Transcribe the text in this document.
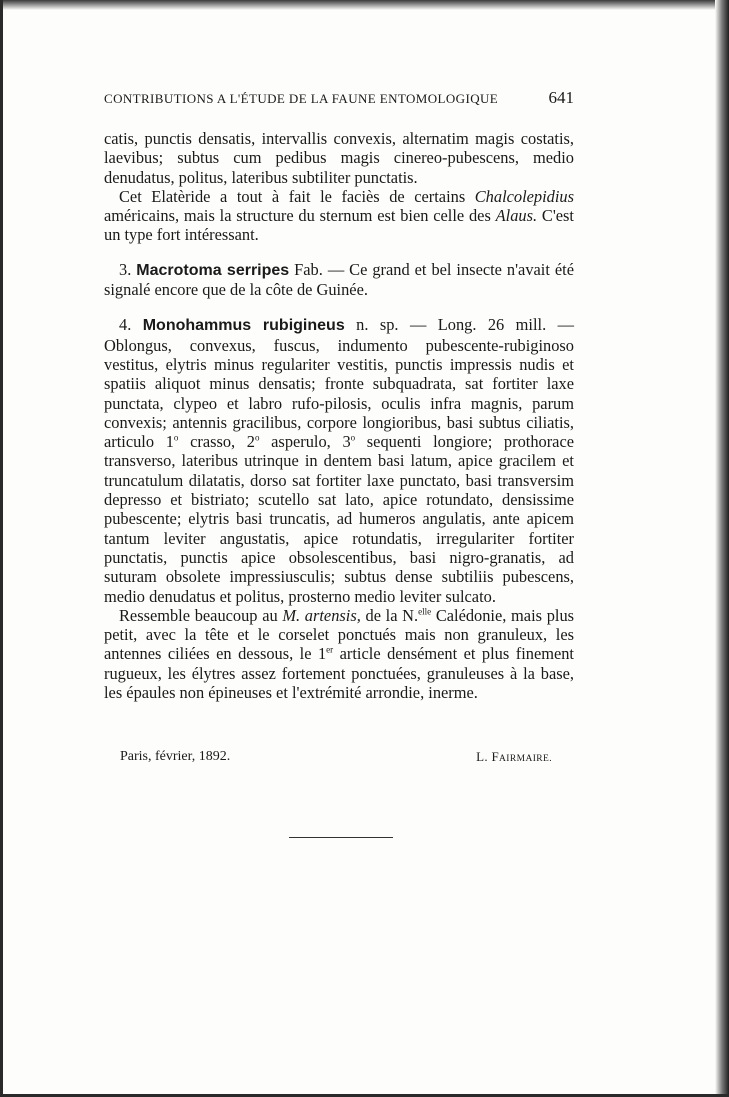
CONTRIBUTIONS A L'ÉTUDE DE LA FAUNE ENTOMOLOGIQUE	641

catis, punctis densatis, intervallis convexis, alternatim magis costatis, laevibus; subtus cum pedibus magis cinereo-pubescens, medio denudatus, politus, lateribus subtiliter punctatis.

Cet Elatèride a tout à fait le faciès de certains Chalcolepidius américains, mais la structure du sternum est bien celle des Alaus. C'est un type fort intéressant.

3. Macrotoma serripes Fab. — Ce grand et bel insecte n'avait été signalé encore que de la côte de Guinée.

4. Monohammus rubigineus n. sp. — Long. 26 mill. — Oblongus, convexus, fuscus, indumento pubescente-rubiginoso vestitus, elytris minus regulariter vestitis, punctis impressis nudis et spatiis aliquot minus densatis; fronte subquadrata, sat fortiter laxe punctata, clypeo et labro rufo-pilosis, oculis infra magnis, parum convexis; antennis gracilibus, corpore longioribus, basi subtus ciliatis, articulo 1$^o$ crasso, 2$^o$ asperulo, 3$^o$ sequenti longiore; prothorace transverso, lateribus utrinque in dentem basi latum, apice gracilem et truncatulum dilatatis, dorso sat fortiter laxe punctato, basi transversim depresso et bistriato; scutello sat lato, apice rotundato, densissime pubescente; elytris basi truncatis, ad humeros angulatis, ante apicem tantum leviter angustatis, apice rotundatis, irregulariter fortiter punctatis, punctis apice obsolescentibus, basi nigro-granatis, ad suturam obsolete impressiusculis; subtus dense subtiliis pubescens, medio denudatus et politus, prosterno medio leviter sulcato.

Ressemble beaucoup au M. artensis, de la N.$^{elle}$ Calédonie, mais plus petit, avec la tête et le corselet ponctués mais non granuleux, les antennes ciliées en dessous, le 1er article densément et plus finement rugueux, les élytres assez fortement ponctuées, granuleuses à la base, les épaules non épineuses et l'extrémité arrondie, inerme.

Paris, février, 1892.	L. FAIRMAIRE.
